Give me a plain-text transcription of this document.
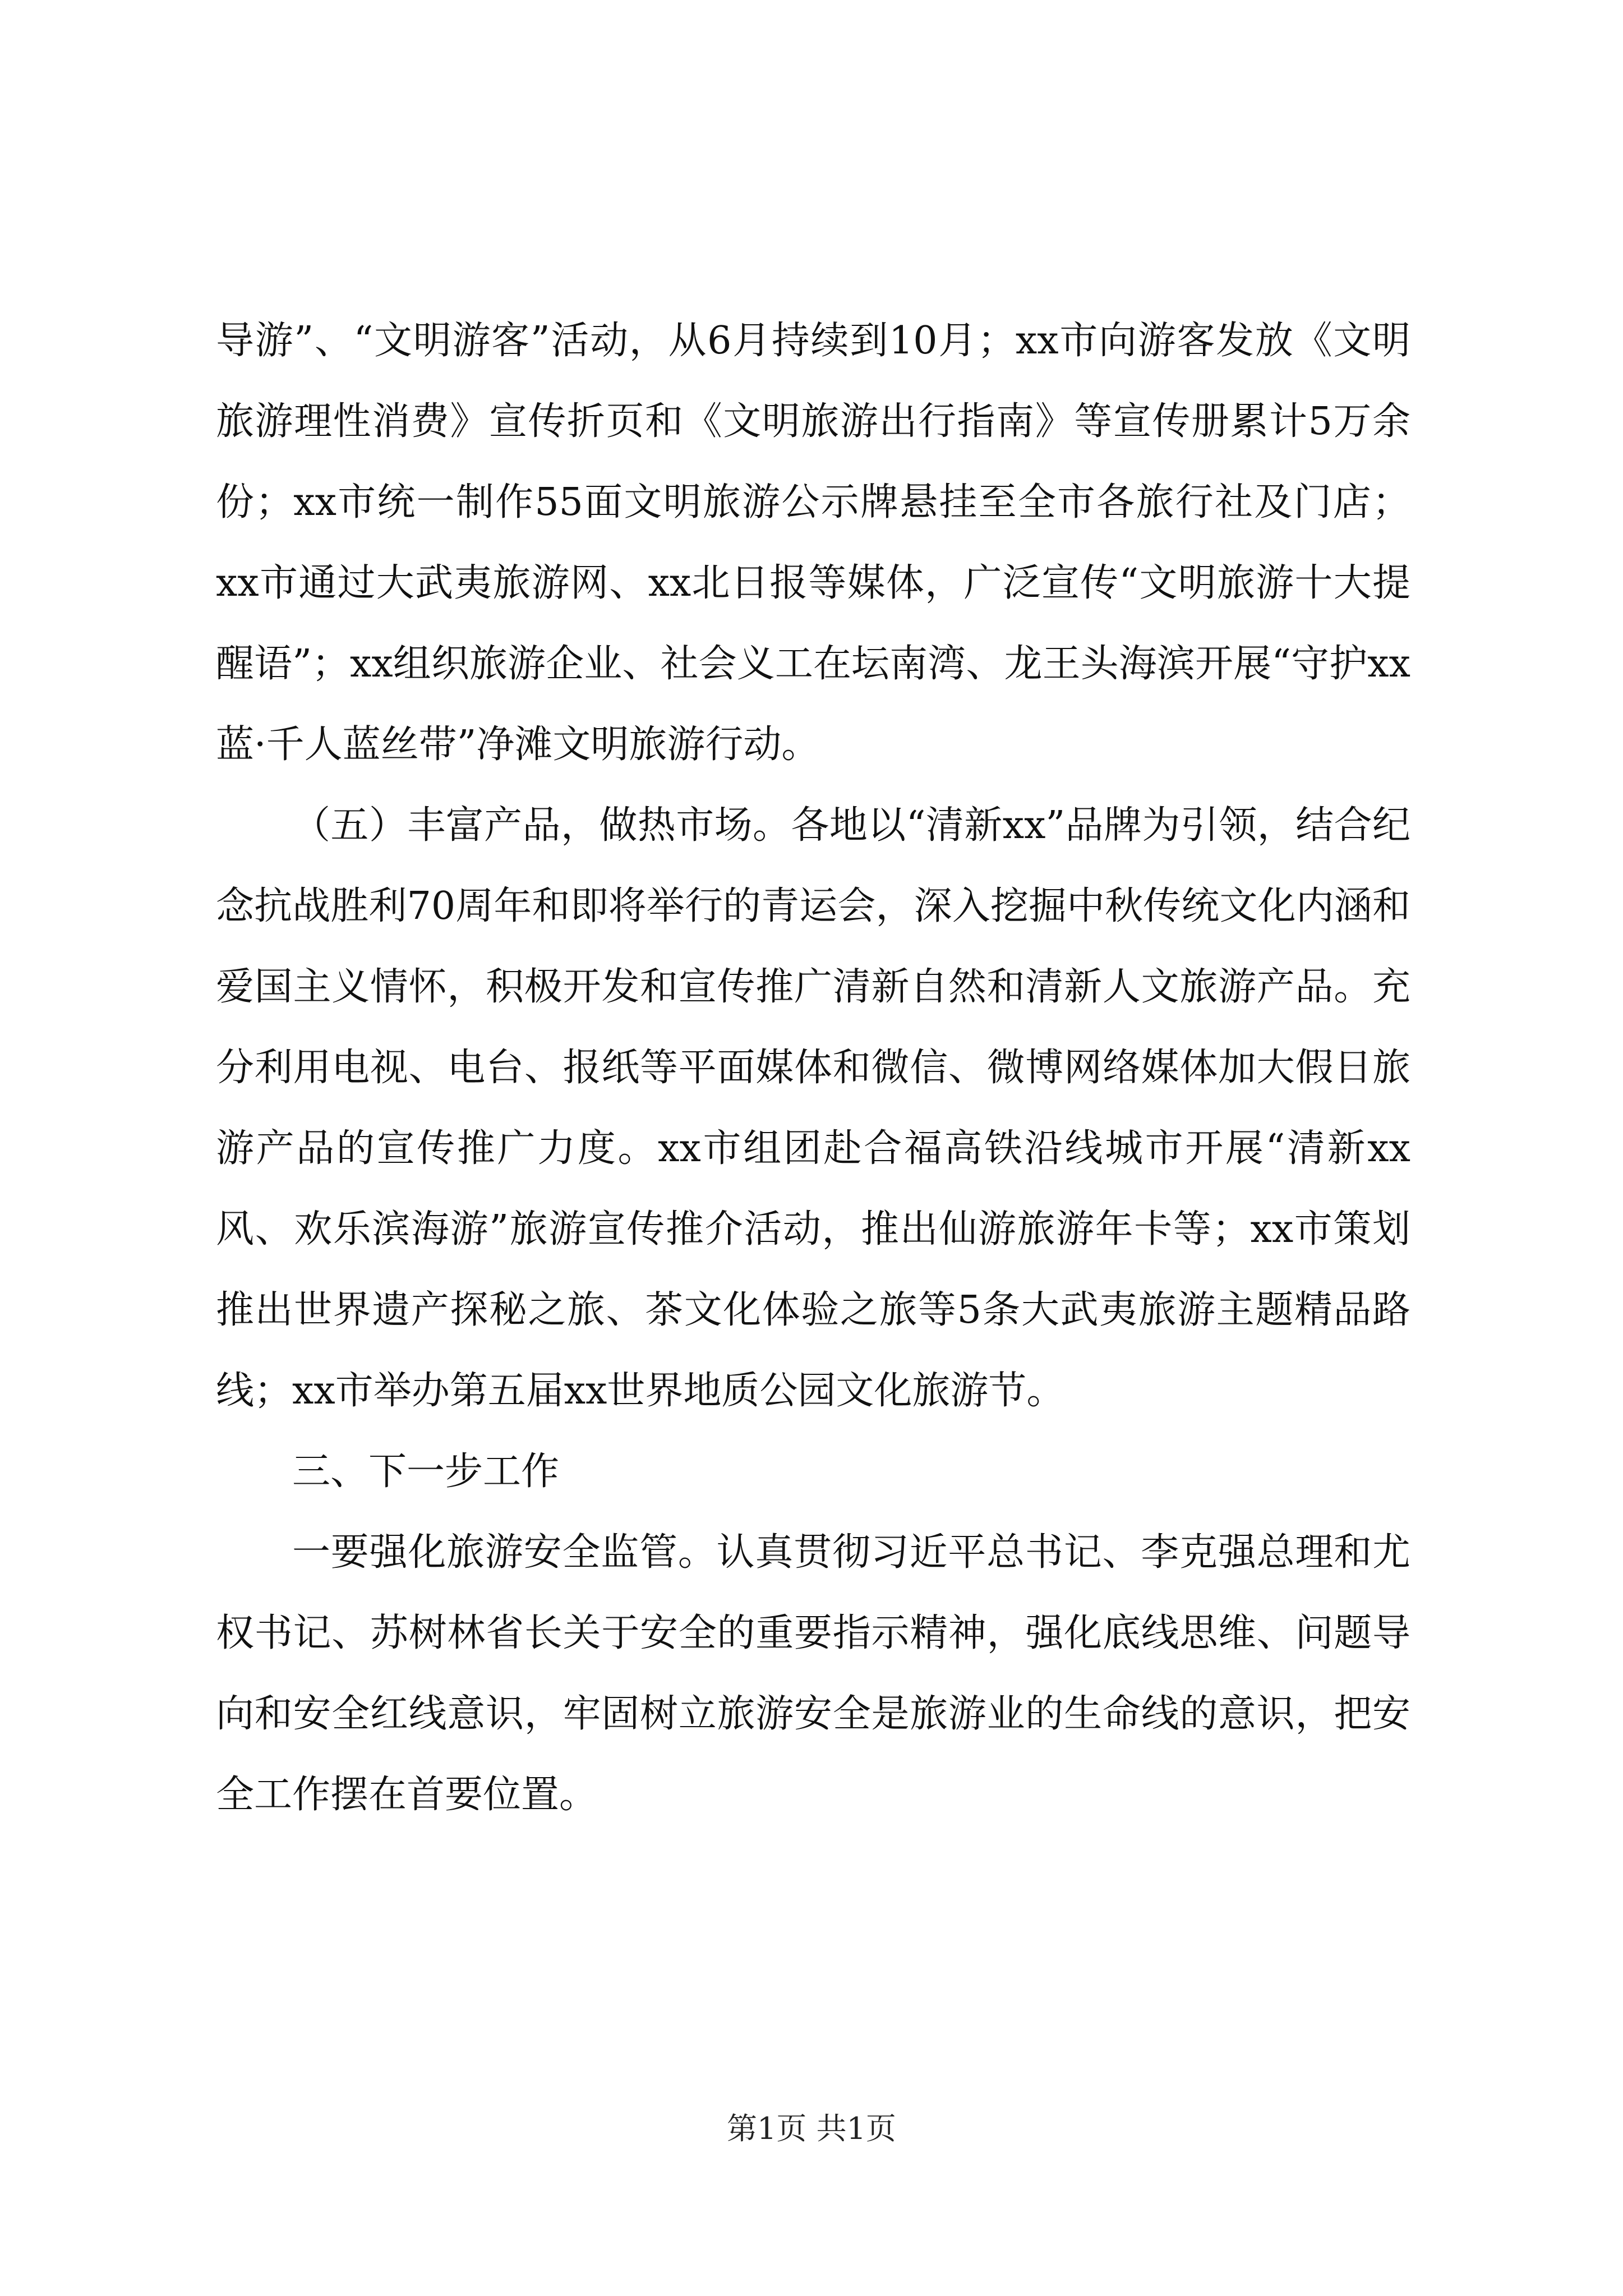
导游”、“文明游客”活动，从6月持续到10月；xx市向游客发放《文明旅游理性消费》宣传折页和《文明旅游出行指南》等宣传册累计5万余份；xx市统一制作55面文明旅游公示牌悬挂至全市各旅行社及门店；xx市通过大武夷旅游网、xx北日报等媒体，广泛宣传“文明旅游十大提醒语”；xx组织旅游企业、社会义工在坛南湾、龙王头海滨开展“守护xx蓝·千人蓝丝带”净滩文明旅游行动。

（五）丰富产品，做热市场。各地以“清新xx”品牌为引领，结合纪念抗战胜利70周年和即将举行的青运会，深入挖掘中秋传统文化内涵和爱国主义情怀，积极开发和宣传推广清新自然和清新人文旅游产品。充分利用电视、电台、报纸等平面媒体和微信、微博网络媒体加大假日旅游产品的宣传推广力度。xx市组团赴合福高铁沿线城市开展“清新xx风、欢乐滨海游”旅游宣传推介活动，推出仙游旅游年卡等；xx市策划推出世界遗产探秘之旅、茶文化体验之旅等5条大武夷旅游主题精品路线；xx市举办第五届xx世界地质公园文化旅游节。

三、下一步工作

一要强化旅游安全监管。认真贯彻习近平总书记、李克强总理和尤权书记、苏树林省长关于安全的重要指示精神，强化底线思维、问题导向和安全红线意识，牢固树立旅游安全是旅游业的生命线的意识，把安全工作摆在首要位置。

第1页 共1页
